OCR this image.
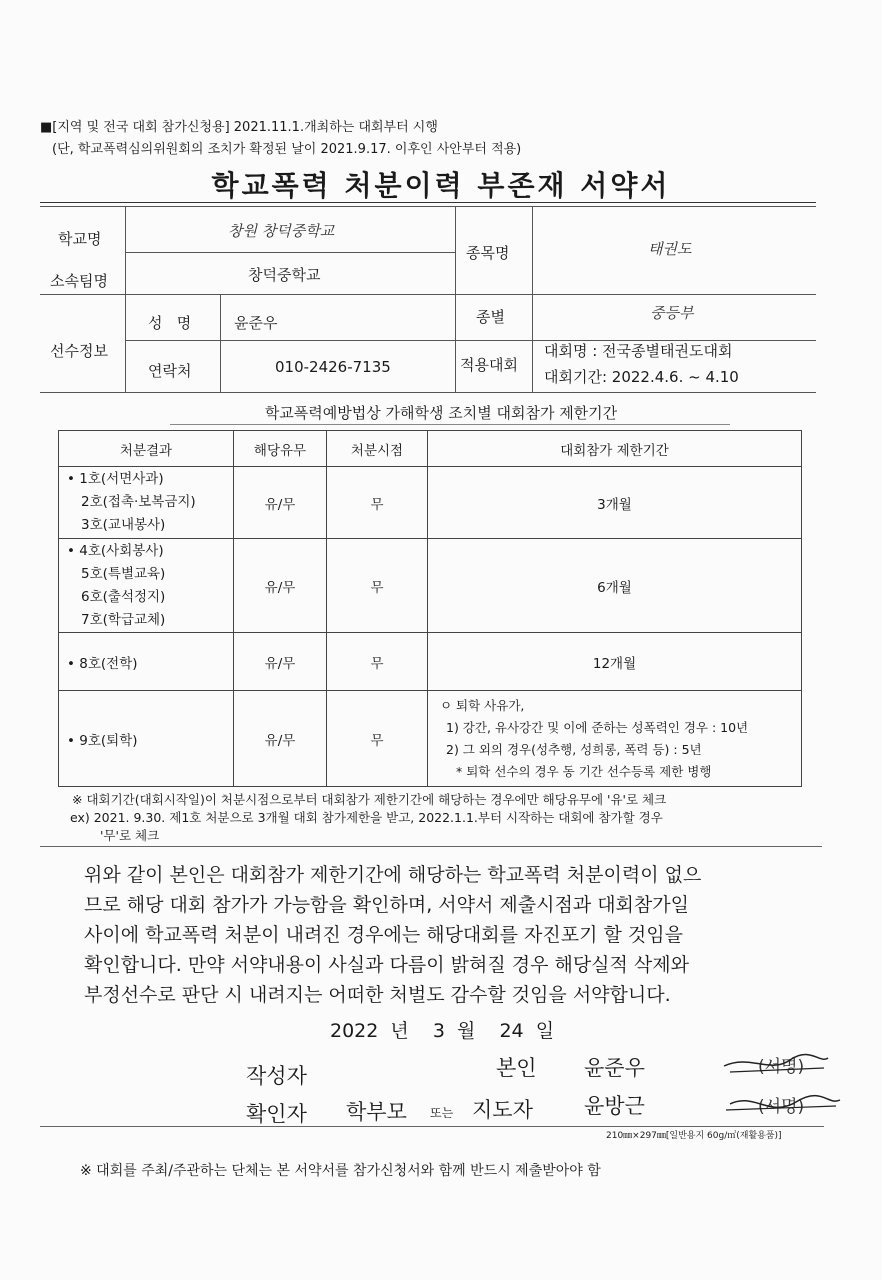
■[지역 및 전국 대회 참가신청용] 2021.11.1.개최하는 대회부터 시행
(단, 학교폭력심의위원회의 조치가 확정된 날이 2021.9.17. 이후인 사안부터 적용)
학교폭력 처분이력 부존재 서약서
학교명	창원 창덕중학교
소속팀명	창덕중학교
종목명	태권도
선수정보
성   명	윤준우
연락처	010-2426-7135
종별	중등부
적용대회
대회명 : 전국종별태권도대회
대회기간: 2022.4.6. ~ 4.10
학교폭력예방법상 가해학생 조치별 대회참가 제한기간
처분결과	해당유무	처분시점	대회참가 제한기간

• 1호(서면사과)
2호(접촉·보복금지)
3호(교내봉사)	유/무	무	3개월

• 4호(사회봉사)
5호(특별교육)
6호(출석정지)
7호(학급교체)	유/무	무	6개월

• 8호(전학)	유/무	무	12개월

• 9호(퇴학)	유/무	무	ㅇ 퇴학 사유가,
1) 강간, 유사강간 및 이에 준하는 성폭력인 경우 : 10년
2) 그 외의 경우(성추행, 성희롱, 폭력 등) : 5년
* 퇴학 선수의 경우 동 기간 선수등록 제한 병행
※ 대회기간(대회시작일)이 처분시점으로부터 대회참가 제한기간에 해당하는 경우에만 해당유무에 '유'로 체크
ex) 2021. 9.30. 제1호 처분으로 3개월 대회 참가제한을 받고, 2022.1.1.부터 시작하는 대회에 참가할 경우
'무'로 체크
위와 같이 본인은 대회참가 제한기간에 해당하는 학교폭력 처분이력이 없으
므로 해당 대회 참가가 가능함을 확인하며, 서약서 제출시점과 대회참가일
사이에 학교폭력 처분이 내려진 경우에는 해당대회를 자진포기 할 것임을
확인합니다. 만약 서약내용이 사실과 다름이 밝혀질 경우 해당실적 삭제와
부정선수로 판단 시 내려지는 어떠한 처벌도 감수할 것임을 서약합니다.
2022 년 3 월 24 일
작성자	본인 윤준우	(서명)
확인자 학부모 또는 지도자 윤방근	(서명)
210㎜×297㎜[일반용지 60g/㎡(재활용품)]
※ 대회를 주최/주관하는 단체는 본 서약서를 참가신청서와 함께 반드시 제출받아야 함
